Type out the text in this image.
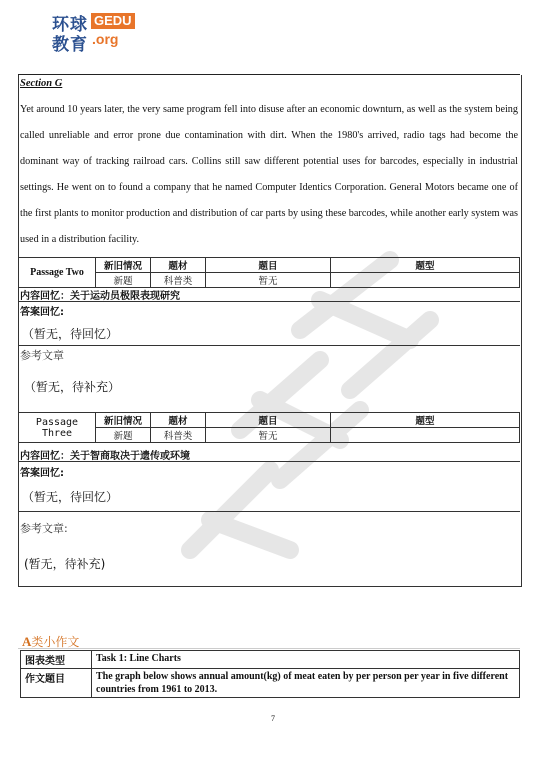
环球
教育
GEDU
.org
Section G
Yet around 10 years later, the very same program fell into disuse after an economic downturn, as well as the system being called unreliable and error prone due contamination with dirt. When the 1980's arrived, radio tags had become the dominant way of tracking railroad cars. Collins still saw different potential uses for barcodes, especially in industrial settings. He went on to found a company that he named Computer Identics Corporation. General Motors became one of the first plants to monitor production and distribution of car parts by using these barcodes, while another early system was used in a distribution facility.
Passage Two	新旧情况	题材	题目	题型
	新题	科普类	暂无	
内容回忆：关于运动员极限表现研究
答案回忆:
（暂无，待回忆）
参考文章
（暂无，待补充）
Passage Three	新旧情况	题材	题目	题型
	新题	科普类	暂无	
内容回忆：关于智商取决于遗传或环境
答案回忆:
（暂无，待回忆）
参考文章:
(暂无，待补充)
A类小作文
图表类型	Task 1: Line Charts
作文题目	The graph below shows annual amount(kg) of meat eaten by per person per year in five different countries from 1961 to 2013.
7
